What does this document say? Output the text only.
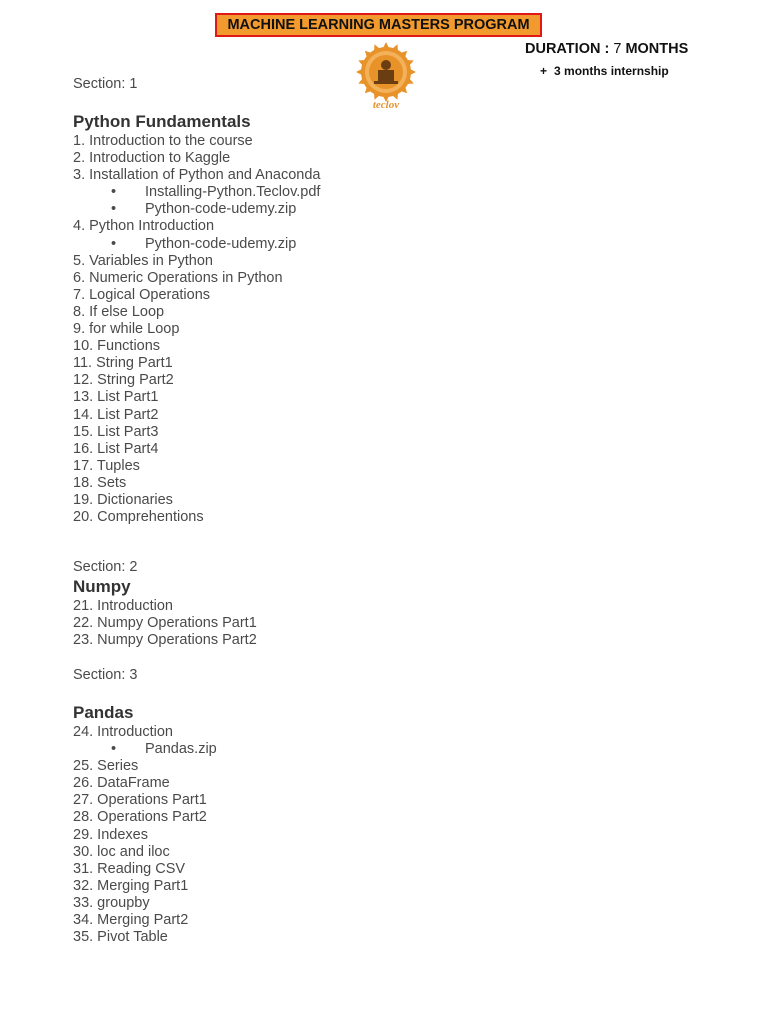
MACHINE LEARNING MASTERS PROGRAM
teclov
DURATION : 7 MONTHS
+ 3 months internship
Section: 1
Python Fundamentals
1. Introduction to the course
2. Introduction to Kaggle
3. Installation of Python and Anaconda
• Installing-Python.Teclov.pdf
• Python-code-udemy.zip
4. Python Introduction
• Python-code-udemy.zip
5. Variables in Python
6. Numeric Operations in Python
7. Logical Operations
8. If else Loop
9. for while Loop
10. Functions
11. String Part1
12. String Part2
13. List Part1
14. List Part2
15. List Part3
16. List Part4
17. Tuples
18. Sets
19. Dictionaries
20. Comprehentions
Section: 2
Numpy
21. Introduction
22. Numpy Operations Part1
23. Numpy Operations Part2
Section: 3
Pandas
24. Introduction
• Pandas.zip
25. Series
26. DataFrame
27. Operations Part1
28. Operations Part2
29. Indexes
30. loc and iloc
31. Reading CSV
32. Merging Part1
33. groupby
34. Merging Part2
35. Pivot Table
